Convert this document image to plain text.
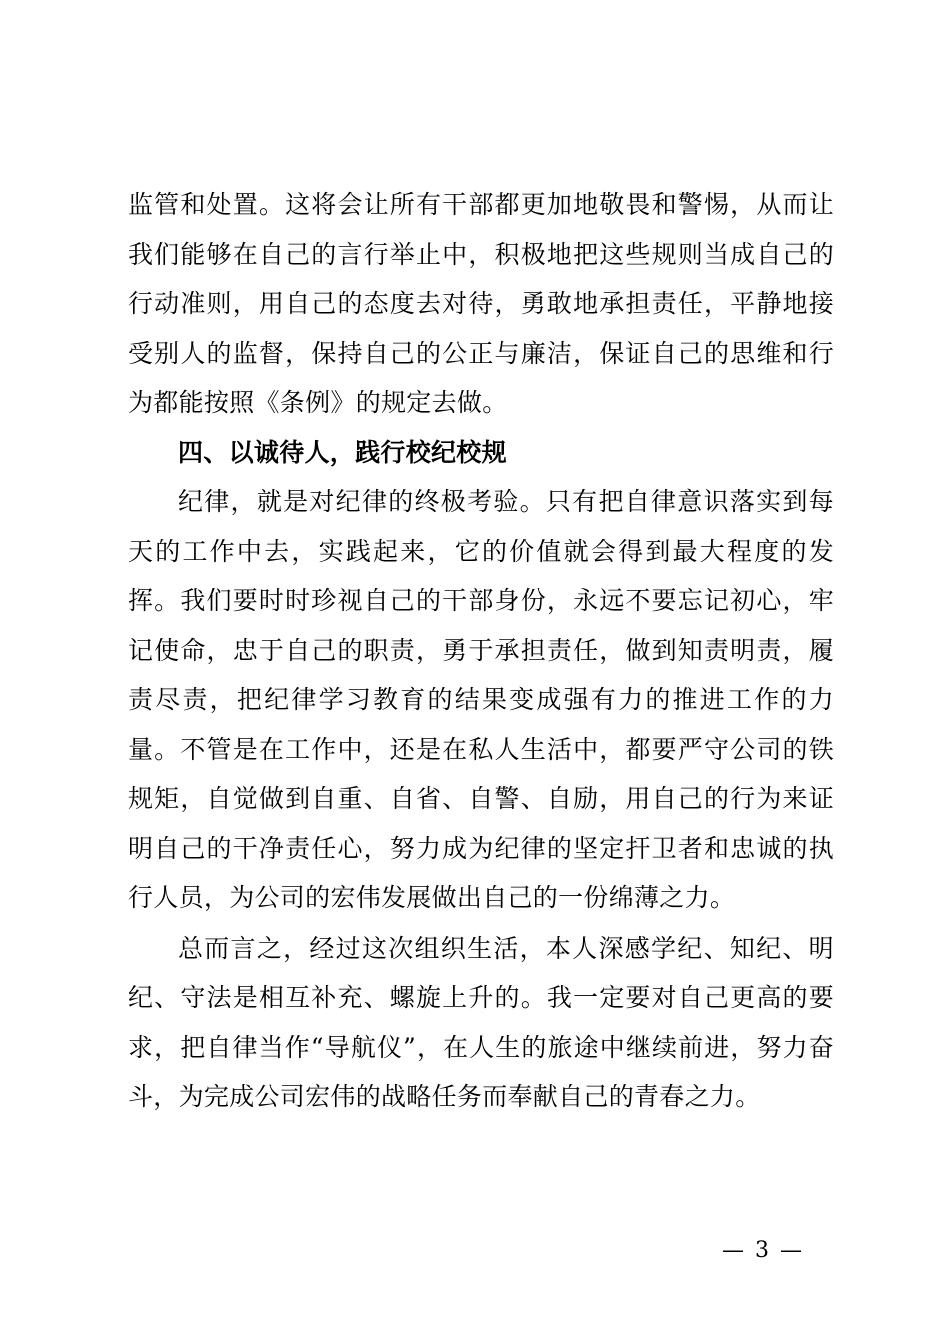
监管和处置。这将会让所有干部都更加地敬畏和警惕，从而让我们能够在自己的言行举止中，积极地把这些规则当成自己的行动准则，用自己的态度去对待，勇敢地承担责任，平静地接受别人的监督，保持自己的公正与廉洁，保证自己的思维和行为都能按照《条例》的规定去做。

四、以诚待人，践行校纪校规

纪律，就是对纪律的终极考验。只有把自律意识落实到每天的工作中去，实践起来，它的价值就会得到最大程度的发挥。我们要时时珍视自己的干部身份，永远不要忘记初心，牢记使命，忠于自己的职责，勇于承担责任，做到知责明责，履责尽责，把纪律学习教育的结果变成强有力的推进工作的力量。不管是在工作中，还是在私人生活中，都要严守公司的铁规矩，自觉做到自重、自省、自警、自励，用自己的行为来证明自己的干净责任心，努力成为纪律的坚定扞卫者和忠诚的执行人员，为公司的宏伟发展做出自己的一份绵薄之力。

总而言之，经过这次组织生活，本人深感学纪、知纪、明纪、守法是相互补充、螺旋上升的。我一定要对自己更高的要求，把自律当作“导航仪”，在人生的旅途中继续前进，努力奋斗，为完成公司宏伟的战略任务而奉献自己的青春之力。

— 3 —
